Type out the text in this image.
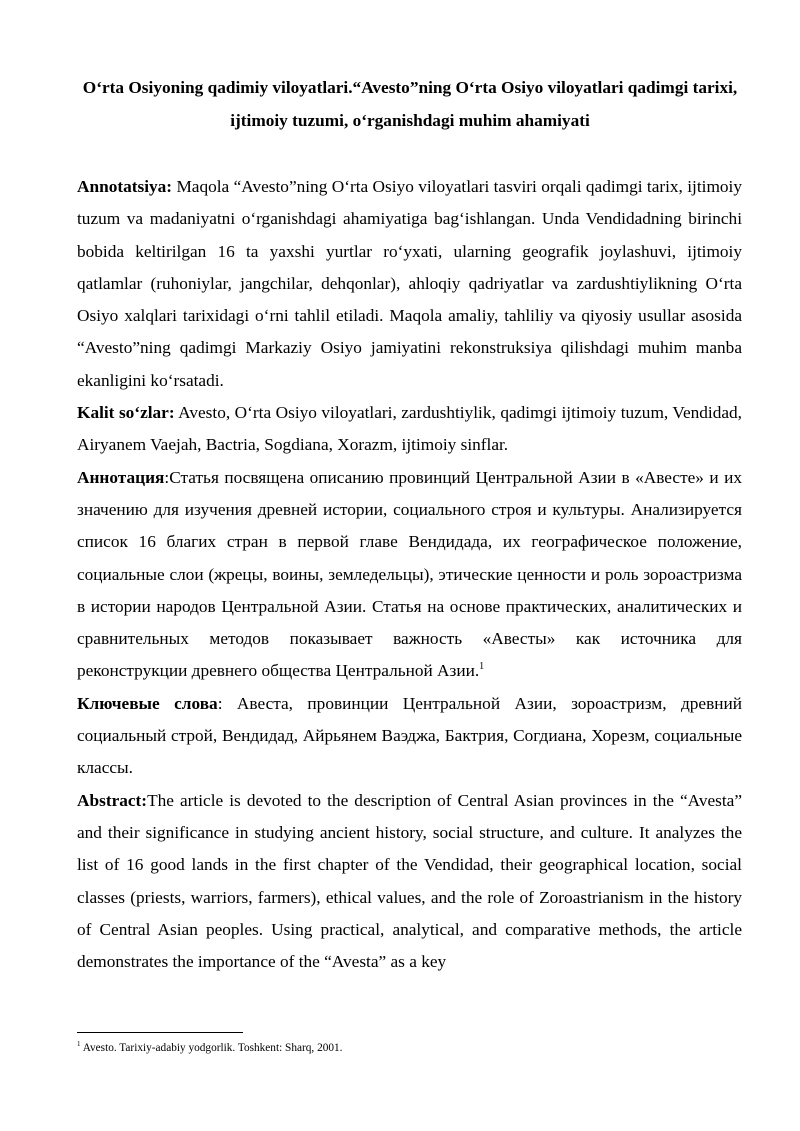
O‘rta Osiyoning qadimiy viloyatlari.“Avesto”ning O‘rta Osiyo viloyatlari qadimgi tarixi, ijtimoiy tuzumi, o‘rganishdagi muhim ahamiyati

Annotatsiya: Maqola “Avesto”ning O‘rta Osiyo viloyatlari tasviri orqali qadimgi tarix, ijtimoiy tuzum va madaniyatni o‘rganishdagi ahamiyatiga bag‘ishlangan. Unda Vendidadning birinchi bobida keltirilgan 16 ta yaxshi yurtlar ro‘yxati, ularning geografik joylashuvi, ijtimoiy qatlamlar (ruhoniylar, jangchilar, dehqonlar), ahloqiy qadriyatlar va zardushtiylikning O‘rta Osiyo xalqlari tarixidagi o‘rni tahlil etiladi. Maqola amaliy, tahliliy va qiyosiy usullar asosida “Avesto”ning qadimgi Markaziy Osiyo jamiyatini rekonstruksiya qilishdagi muhim manba ekanligini ko‘rsatadi.

Kalit so‘zlar: Avesto, O‘rta Osiyo viloyatlari, zardushtiylik, qadimgi ijtimoiy tuzum, Vendidad, Airyanem Vaejah, Bactria, Sogdiana, Xorazm, ijtimoiy sinflar.

Аннотация:Статья посвящена описанию провинций Центральной Азии в «Авесте» и их значению для изучения древней истории, социального строя и культуры. Анализируется список 16 благих стран в первой главе Вендидада, их географическое положение, социальные слои (жрецы, воины, земледельцы), этические ценности и роль зороастризма в истории народов Центральной Азии. Статья на основе практических, аналитических и сравнительных методов показывает важность «Авесты» как источника для реконструкции древнего общества Центральной Азии.$^1$

Ключевые слова: Авеста, провинции Центральной Азии, зороастризм, древний социальный строй, Вендидад, Айрьянем Ваэджа, Бактрия, Согдиана, Хорезм, социальные классы.

Abstract:The article is devoted to the description of Central Asian provinces in the “Avesta” and their significance in studying ancient history, social structure, and culture. It analyzes the list of 16 good lands in the first chapter of the Vendidad, their geographical location, social classes (priests, warriors, farmers), ethical values, and the role of Zoroastrianism in the history of Central Asian peoples. Using practical, analytical, and comparative methods, the article demonstrates the importance of the “Avesta” as a key

$^1$ Avesto. Tarixiy-adabiy yodgorlik. Toshkent: Sharq, 2001.
